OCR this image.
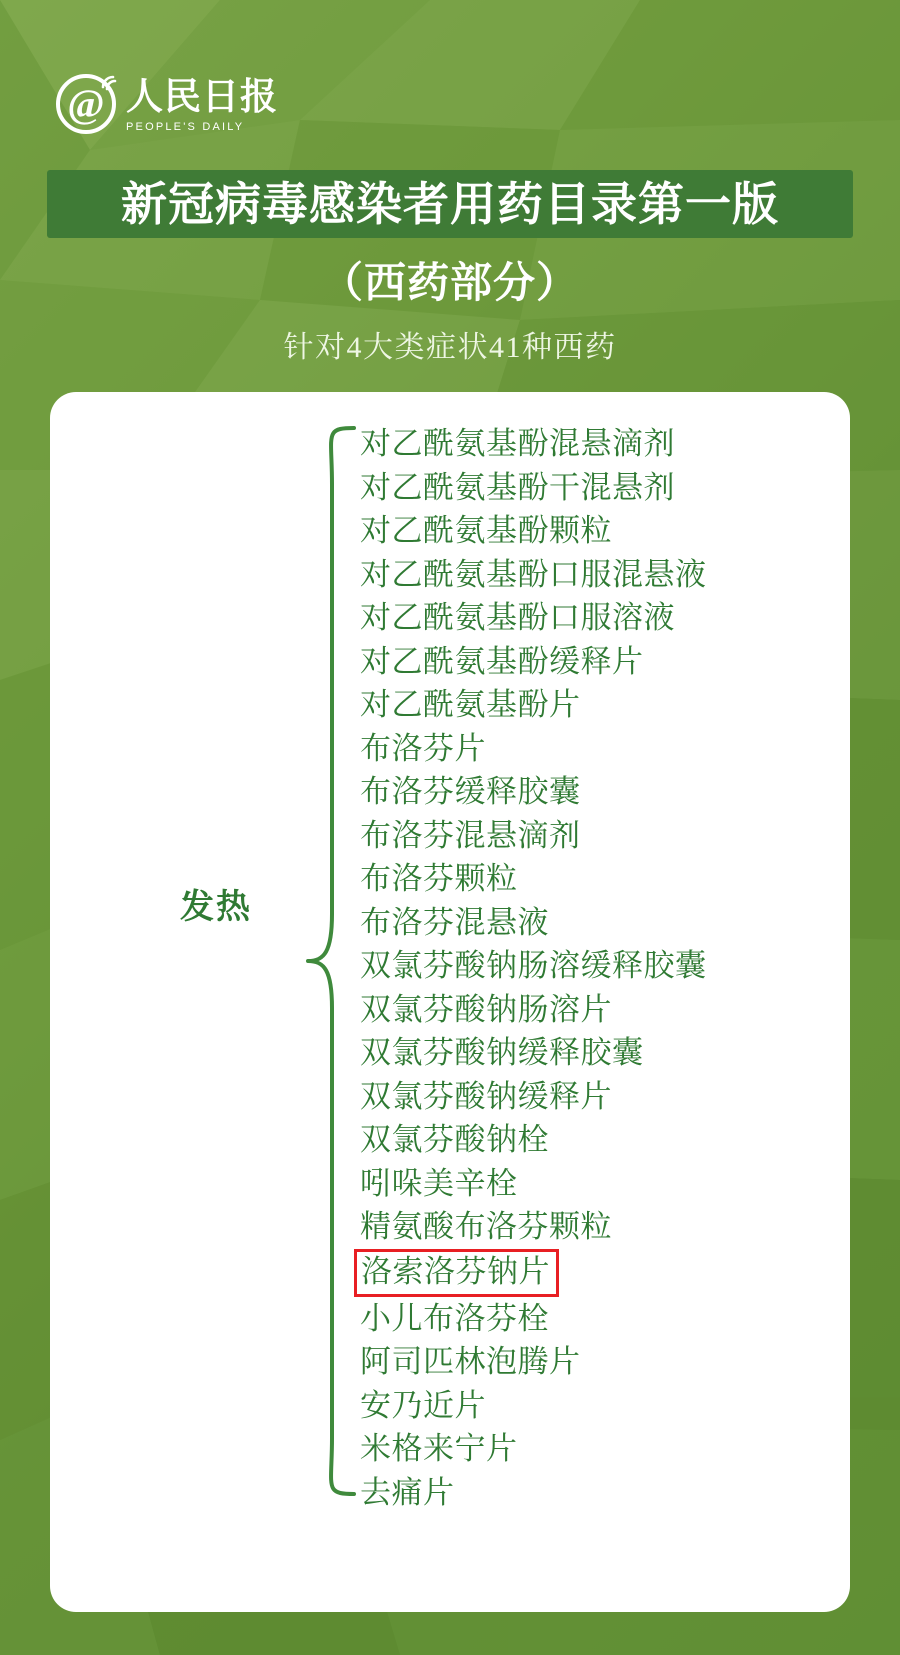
@ 人民日报
PEOPLE'S DAILY
新冠病毒感染者用药目录第一版
（西药部分）
针对4大类症状41种西药
发热
对乙酰氨基酚混悬滴剂
对乙酰氨基酚干混悬剂
对乙酰氨基酚颗粒
对乙酰氨基酚口服混悬液
对乙酰氨基酚口服溶液
对乙酰氨基酚缓释片
对乙酰氨基酚片
布洛芬片
布洛芬缓释胶囊
布洛芬混悬滴剂
布洛芬颗粒
布洛芬混悬液
双氯芬酸钠肠溶缓释胶囊
双氯芬酸钠肠溶片
双氯芬酸钠缓释胶囊
双氯芬酸钠缓释片
双氯芬酸钠栓
吲哚美辛栓
精氨酸布洛芬颗粒
洛索洛芬钠片
小儿布洛芬栓
阿司匹林泡腾片
安乃近片
米格来宁片
去痛片
